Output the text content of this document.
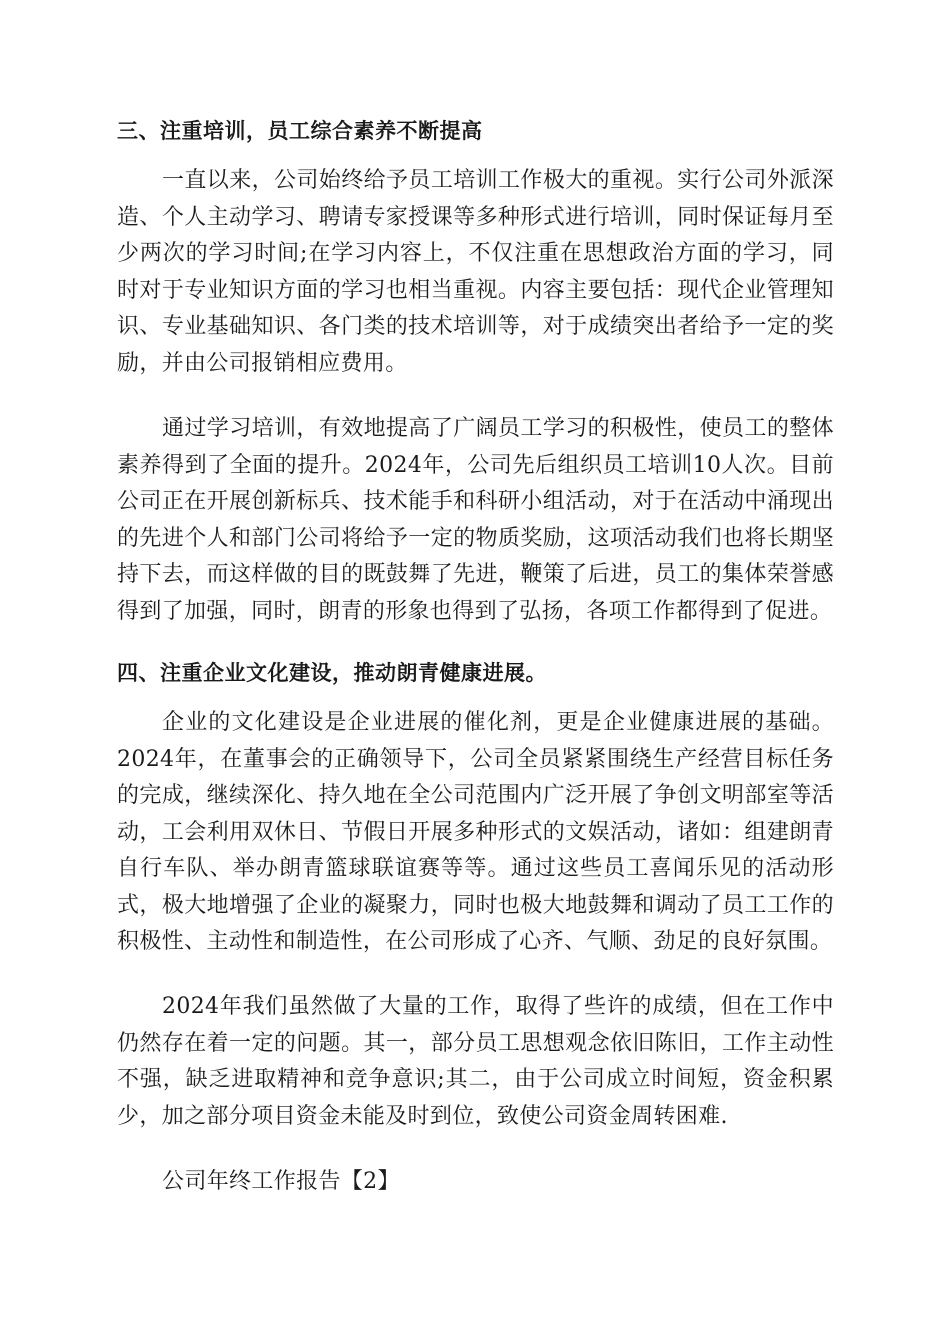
三、注重培训，员工综合素养不断提高

一直以来，公司始终给予员工培训工作极大的重视。实行公司外派深造、个人主动学习、聘请专家授课等多种形式进行培训，同时保证每月至少两次的学习时间;在学习内容上，不仅注重在思想政治方面的学习，同时对于专业知识方面的学习也相当重视。内容主要包括：现代企业管理知识、专业基础知识、各门类的技术培训等，对于成绩突出者给予一定的奖励，并由公司报销相应费用。

通过学习培训，有效地提高了广阔员工学习的积极性，使员工的整体素养得到了全面的提升。2024年，公司先后组织员工培训10人次。目前公司正在开展创新标兵、技术能手和科研小组活动，对于在活动中涌现出的先进个人和部门公司将给予一定的物质奖励，这项活动我们也将长期坚持下去，而这样做的目的既鼓舞了先进，鞭策了后进，员工的集体荣誉感得到了加强，同时，朗青的形象也得到了弘扬，各项工作都得到了促进。

四、注重企业文化建设，推动朗青健康进展。

企业的文化建设是企业进展的催化剂，更是企业健康进展的基础。2024年，在董事会的正确领导下，公司全员紧紧围绕生产经营目标任务的完成，继续深化、持久地在全公司范围内广泛开展了争创文明部室等活动，工会利用双休日、节假日开展多种形式的文娱活动，诸如：组建朗青自行车队、举办朗青篮球联谊赛等等。通过这些员工喜闻乐见的活动形式，极大地增强了企业的凝聚力，同时也极大地鼓舞和调动了员工工作的积极性、主动性和制造性，在公司形成了心齐、气顺、劲足的良好氛围。

2024年我们虽然做了大量的工作，取得了些许的成绩，但在工作中仍然存在着一定的问题。其一，部分员工思想观念依旧陈旧，工作主动性不强，缺乏进取精神和竞争意识;其二，由于公司成立时间短，资金积累少，加之部分项目资金未能及时到位，致使公司资金周转困难.

公司年终工作报告【2】
